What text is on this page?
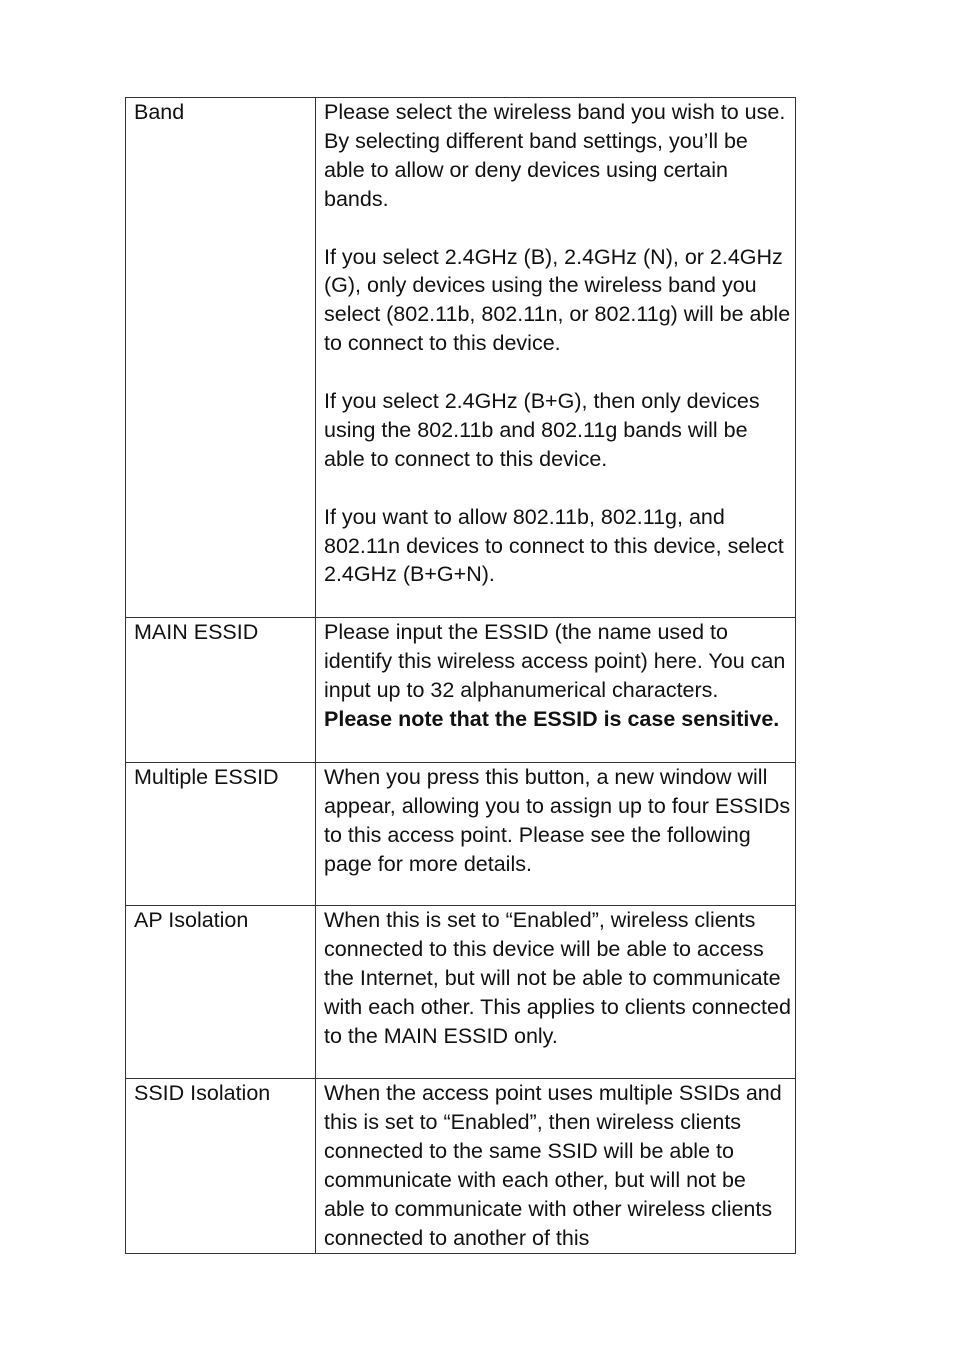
Band	Please select the wireless band you wish to use. By selecting different band settings, you’ll be able to allow or deny devices using certain bands.

If you select 2.4GHz (B), 2.4GHz (N), or 2.4GHz (G), only devices using the wireless band you select (802.11b, 802.11n, or 802.11g) will be able to connect to this device.

If you select 2.4GHz (B+G), then only devices using the 802.11b and 802.11g bands will be able to connect to this device.

If you want to allow 802.11b, 802.11g, and 802.11n devices to connect to this device, select 2.4GHz (B+G+N).

MAIN ESSID	Please input the ESSID (the name used to identify this wireless access point) here. You can input up to 32 alphanumerical characters. Please note that the ESSID is case sensitive.
Multiple ESSID	When you press this button, a new window will appear, allowing you to assign up to four ESSIDs to this access point. Please see the following page for more details.
AP Isolation	When this is set to “Enabled”, wireless clients connected to this device will be able to access the Internet, but will not be able to communicate with each other. This applies to clients connected to the MAIN ESSID only.
SSID Isolation	When the access point uses multiple SSIDs and this is set to “Enabled”, then wireless clients connected to the same SSID will be able to communicate with each other, but will not be able to communicate with other wireless clients connected to another of this
